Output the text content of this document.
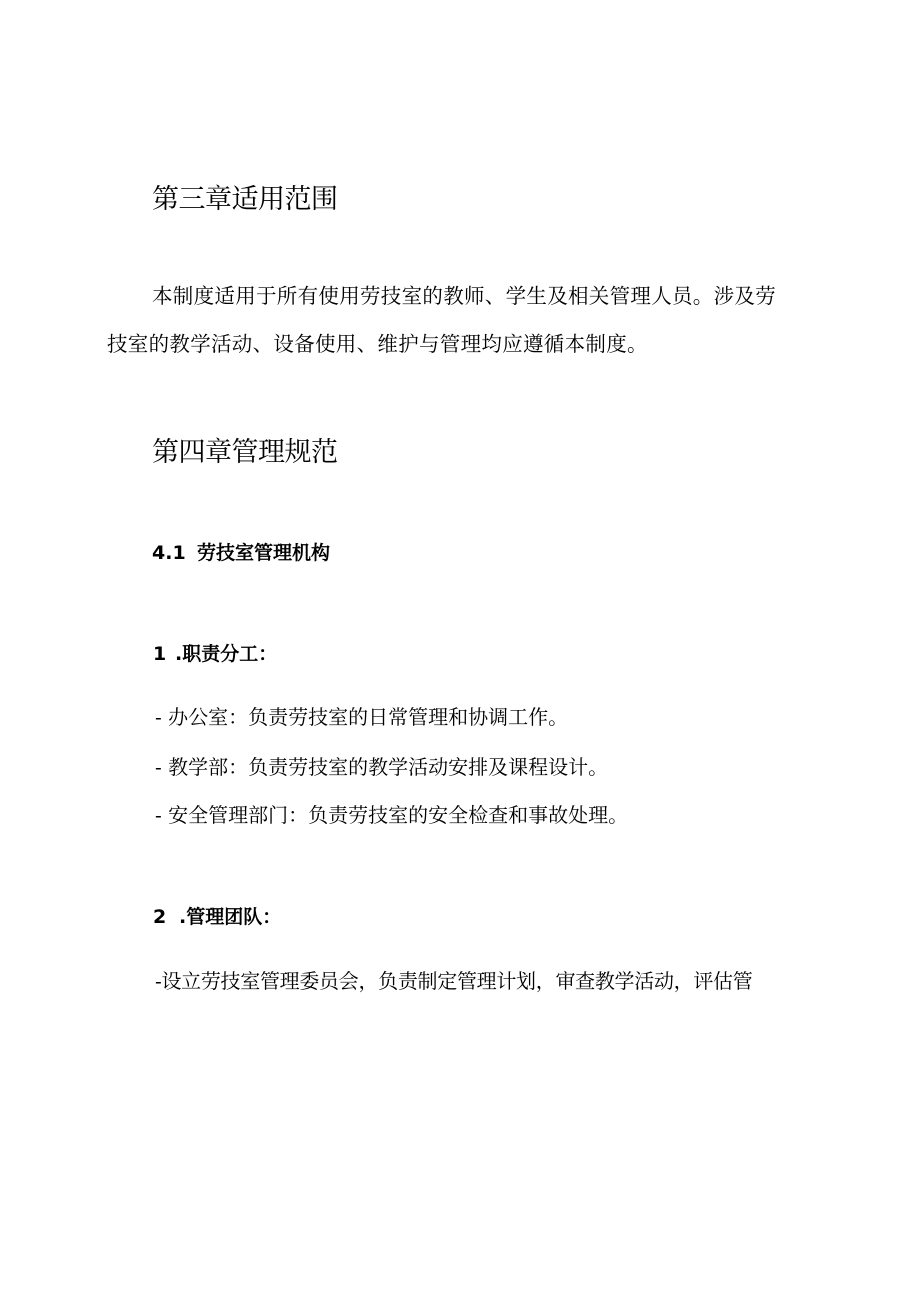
第三章适用范围
本制度适用于所有使用劳技室的教师、学生及相关管理人员。涉及劳
技室的教学活动、设备使用、维护与管理均应遵循本制度。
第四章管理规范
4.1 劳技室管理机构
1 .职责分工：
- 办公室：负责劳技室的日常管理和协调工作。
- 教学部：负责劳技室的教学活动安排及课程设计。
- 安全管理部门：负责劳技室的安全检查和事故处理。
2 .管理团队：
-设立劳技室管理委员会，负责制定管理计划，审查教学活动，评估管
